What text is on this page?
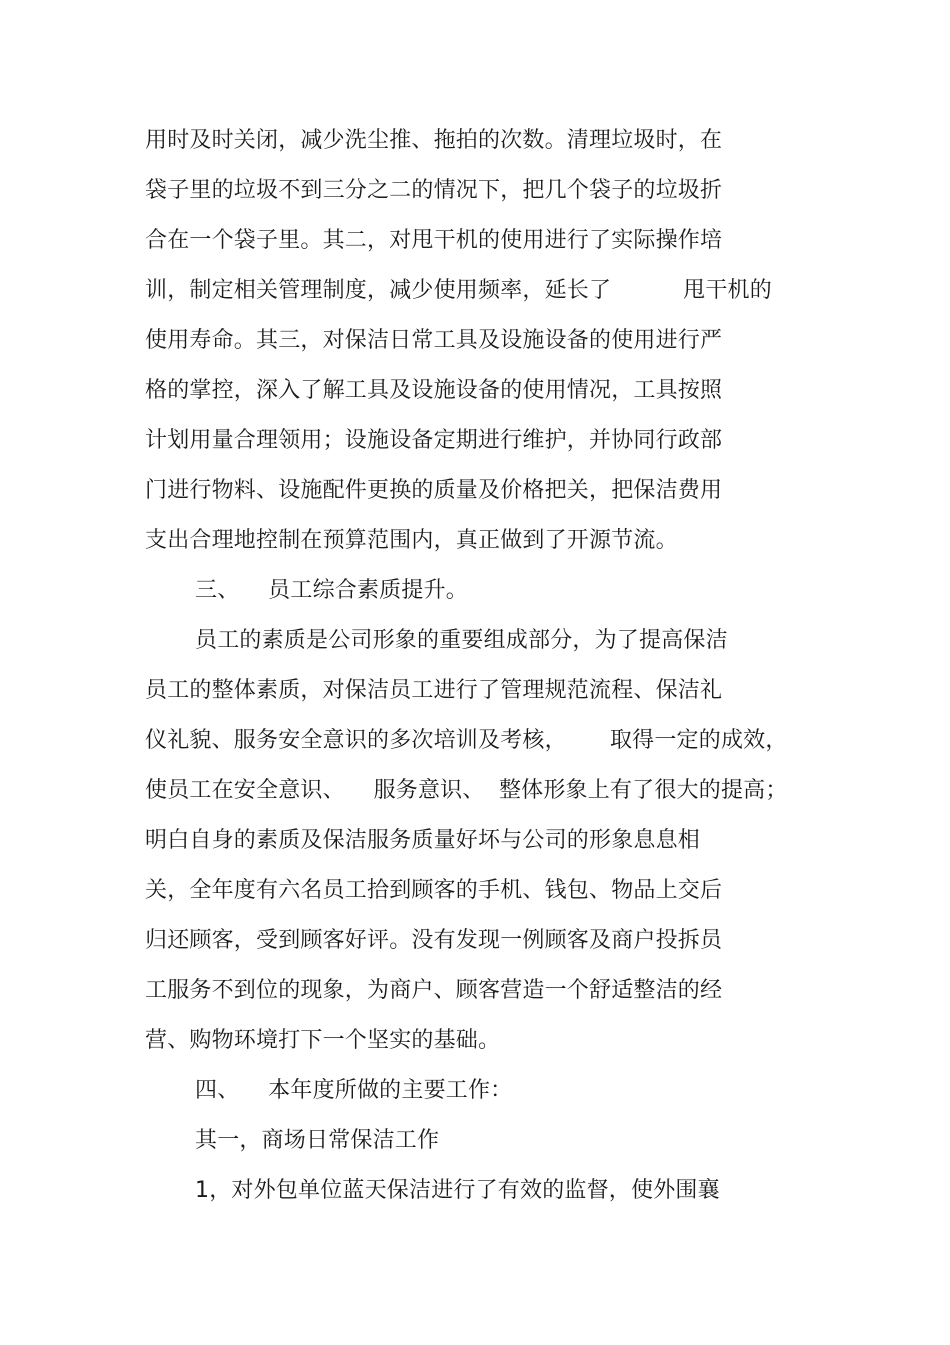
用时及时关闭，减少洗尘推、拖拍的次数。清理垃圾时，在
袋子里的垃圾不到三分之二的情况下，把几个袋子的垃圾折
合在一个袋子里。其二，对甩干机的使用进行了实际操作培
训，制定相关管理制度，减少使用频率，延长了          甩干机的
使用寿命。其三，对保洁日常工具及设施设备的使用进行严
格的掌控，深入了解工具及设施设备的使用情况，工具按照
计划用量合理领用；设施设备定期进行维护，并协同行政部
门进行物料、设施配件更换的质量及价格把关，把保洁费用
支出合理地控制在预算范围内，真正做到了开源节流。
三、    员工综合素质提升。
员工的素质是公司形象的重要组成部分，为了提高保洁
员工的整体素质，对保洁员工进行了管理规范流程、保洁礼
仪礼貌、服务安全意识的多次培训及考核，      取得一定的成效，
使员工在安全意识、    服务意识、  整体形象上有了很大的提高；
明白自身的素质及保洁服务质量好坏与公司的形象息息相
关，全年度有六名员工拾到顾客的手机、钱包、物品上交后
归还顾客，受到顾客好评。没有发现一例顾客及商户投拆员
工服务不到位的现象，为商户、顾客营造一个舒适整洁的经
营、购物环境打下一个坚实的基础。
四、    本年度所做的主要工作：
其一，商场日常保洁工作
1，对外包单位蓝天保洁进行了有效的监督，使外围襄
